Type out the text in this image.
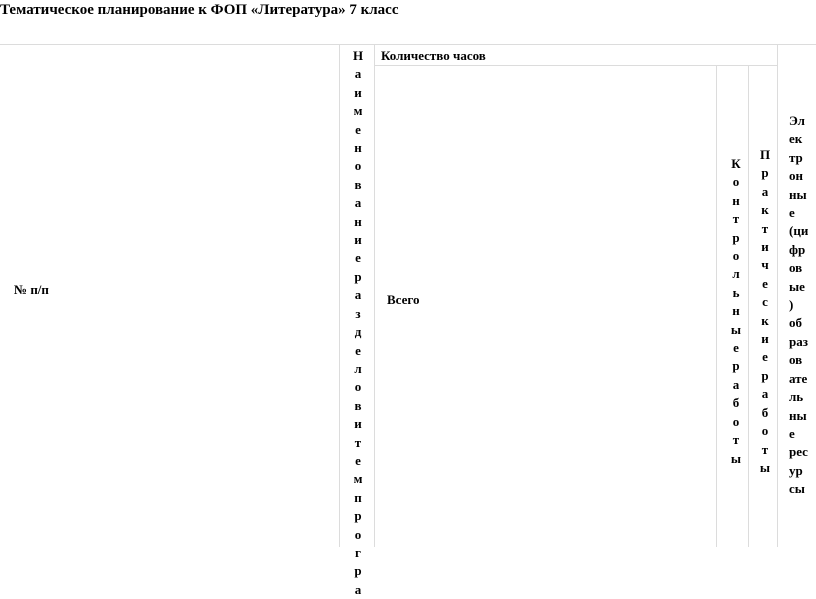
Тематическое планирование к ФОП «Литература» 7 класс
№ п/п
Н
а
и
м
е
н
о
в
а
н
и
е
р
а
з
д
е
л
о
в
и
т
е
м
п
р
о
г
р
а
Количество часов
Всего
К
о
н
т
р
о
л
ь
н
ы
е
р
а
б
о
т
ы
П
р
а
к
т
и
ч
е
с
к
и
е
р
а
б
о
т
ы
Эл
ек
тр
он
ны
е
(ци
фр
ов
ые
)
об
раз
ов
ате
ль
ны
е
рес
ур
сы
